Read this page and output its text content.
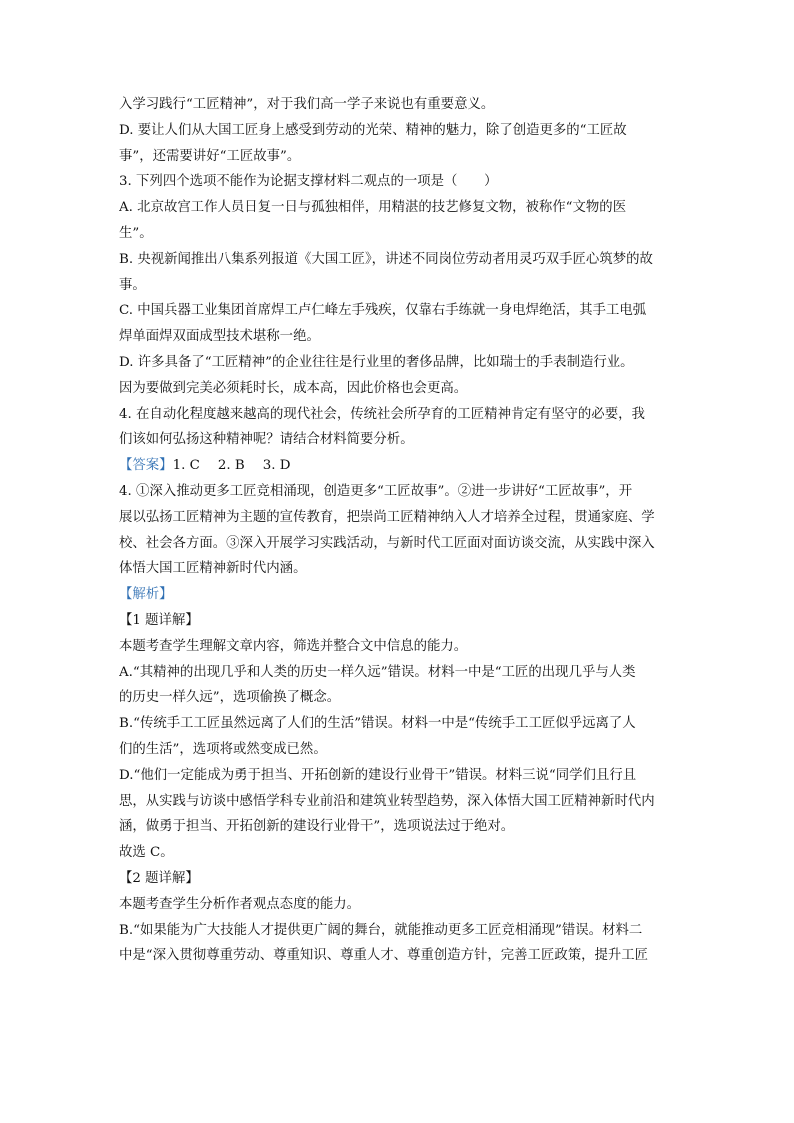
入学习践行“工匠精神”，对于我们高一学子来说也有重要意义。
D. 要让人们从大国工匠身上感受到劳动的光荣、精神的魅力，除了创造更多的“工匠故
事”，还需要讲好“工匠故事”。
3. 下列四个选项不能作为论据支撑材料二观点的一项是（　　）
A. 北京故宫工作人员日复一日与孤独相伴，用精湛的技艺修复文物，被称作“文物的医
生”。
B. 央视新闻推出八集系列报道《大国工匠》，讲述不同岗位劳动者用灵巧双手匠心筑梦的故
事。
C. 中国兵器工业集团首席焊工卢仁峰左手残疾，仅靠右手练就一身电焊绝活，其手工电弧
焊单面焊双面成型技术堪称一绝。
D. 许多具备了“工匠精神”的企业往往是行业里的奢侈品牌，比如瑞士的手表制造行业。
因为要做到完美必须耗时长，成本高，因此价格也会更高。
4. 在自动化程度越来越高的现代社会，传统社会所孕育的工匠精神肯定有坚守的必要，我
们该如何弘扬这种精神呢？请结合材料简要分析。
【答案】1. C 2. B 3. D
4. ①深入推动更多工匠竞相涌现，创造更多“工匠故事”。②进一步讲好“工匠故事”，开
展以弘扬工匠精神为主题的宣传教育，把崇尚工匠精神纳入人才培养全过程，贯通家庭、学
校、社会各方面。③深入开展学习实践活动，与新时代工匠面对面访谈交流，从实践中深入
体悟大国工匠精神新时代内涵。
【解析】
【1 题详解】
本题考查学生理解文章内容，筛选并整合文中信息的能力。
A.“其精神的出现几乎和人类的历史一样久远”错误。材料一中是“工匠的出现几乎与人类
的历史一样久远”，选项偷换了概念。
B.“传统手工工匠虽然远离了人们的生活”错误。材料一中是“传统手工工匠似乎远离了人
们的生活”，选项将或然变成已然。
D.“他们一定能成为勇于担当、开拓创新的建设行业骨干”错误。材料三说“同学们且行且
思，从实践与访谈中感悟学科专业前沿和建筑业转型趋势，深入体悟大国工匠精神新时代内
涵，做勇于担当、开拓创新的建设行业骨干”，选项说法过于绝对。
故选 C。
【2 题详解】
本题考查学生分析作者观点态度的能力。
B.“如果能为广大技能人才提供更广阔的舞台，就能推动更多工匠竞相涌现”错误。材料二
中是“深入贯彻尊重劳动、尊重知识、尊重人才、尊重创造方针，完善工匠政策，提升工匠
